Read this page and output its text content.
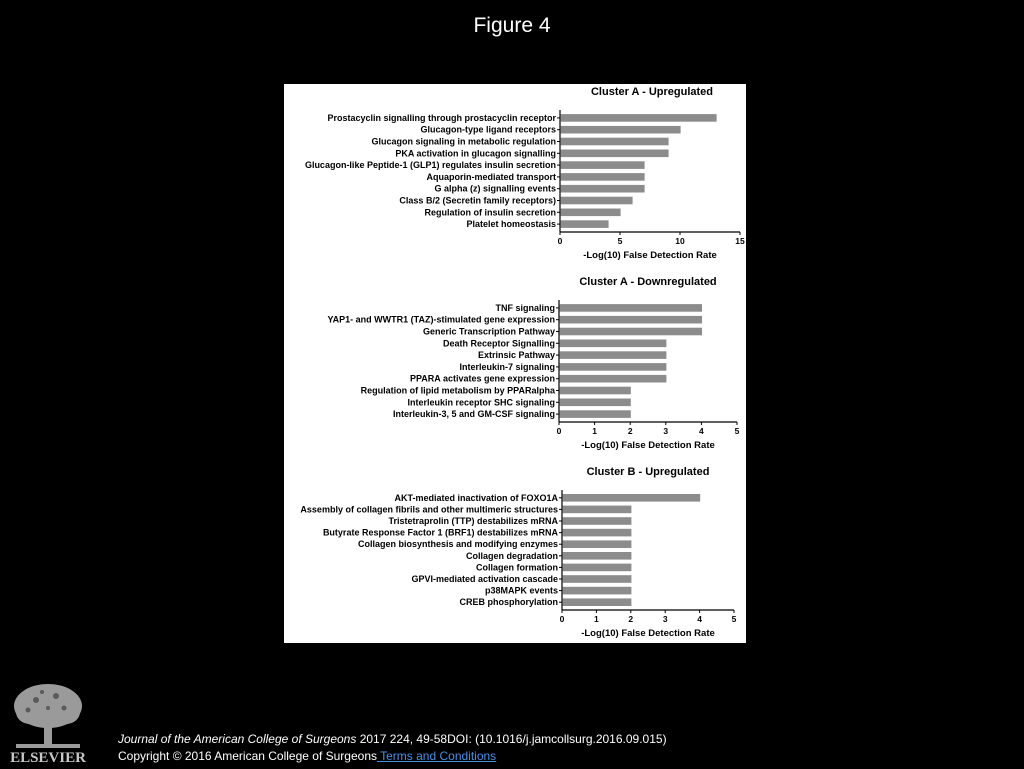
Figure 4
Cluster A - Upregulated
Prostacyclin signalling through prostacyclin receptor
Glucagon-type ligand receptors
Glucagon signaling in metabolic regulation
PKA activation in glucagon signalling
Glucagon-like Peptide-1 (GLP1) regulates insulin secretion
Aquaporin-mediated transport
G alpha (z) signalling events
Class B/2 (Secretin family receptors)
Regulation of insulin secretion
Platelet homeostasis
0	5	10	15
-Log(10) False Detection Rate
Cluster A - Downregulated
TNF signaling
YAP1- and WWTR1 (TAZ)-stimulated gene expression
Generic Transcription Pathway
Death Receptor Signalling
Extrinsic Pathway
Interleukin-7 signaling
PPARA activates gene expression
Regulation of lipid metabolism by PPARalpha
Interleukin receptor SHC signaling
Interleukin-3, 5 and GM-CSF signaling
0	1	2	3	4	5
-Log(10) False Detection Rate
Cluster B - Upregulated
AKT-mediated inactivation of FOXO1A
Assembly of collagen fibrils and other multimeric structures
Tristetraprolin (TTP) destabilizes mRNA
Butyrate Response Factor 1 (BRF1) destabilizes mRNA
Collagen biosynthesis and modifying enzymes
Collagen degradation
Collagen formation
GPVI-mediated activation cascade
p38MAPK events
CREB phosphorylation
0	1	2	3	4	5
-Log(10) False Detection Rate
ELSEVIER
Journal of the American College of Surgeons 2017 224, 49-58DOI: (10.1016/j.jamcollsurg.2016.09.015)
Copyright © 2016 American College of Surgeons Terms and Conditions
